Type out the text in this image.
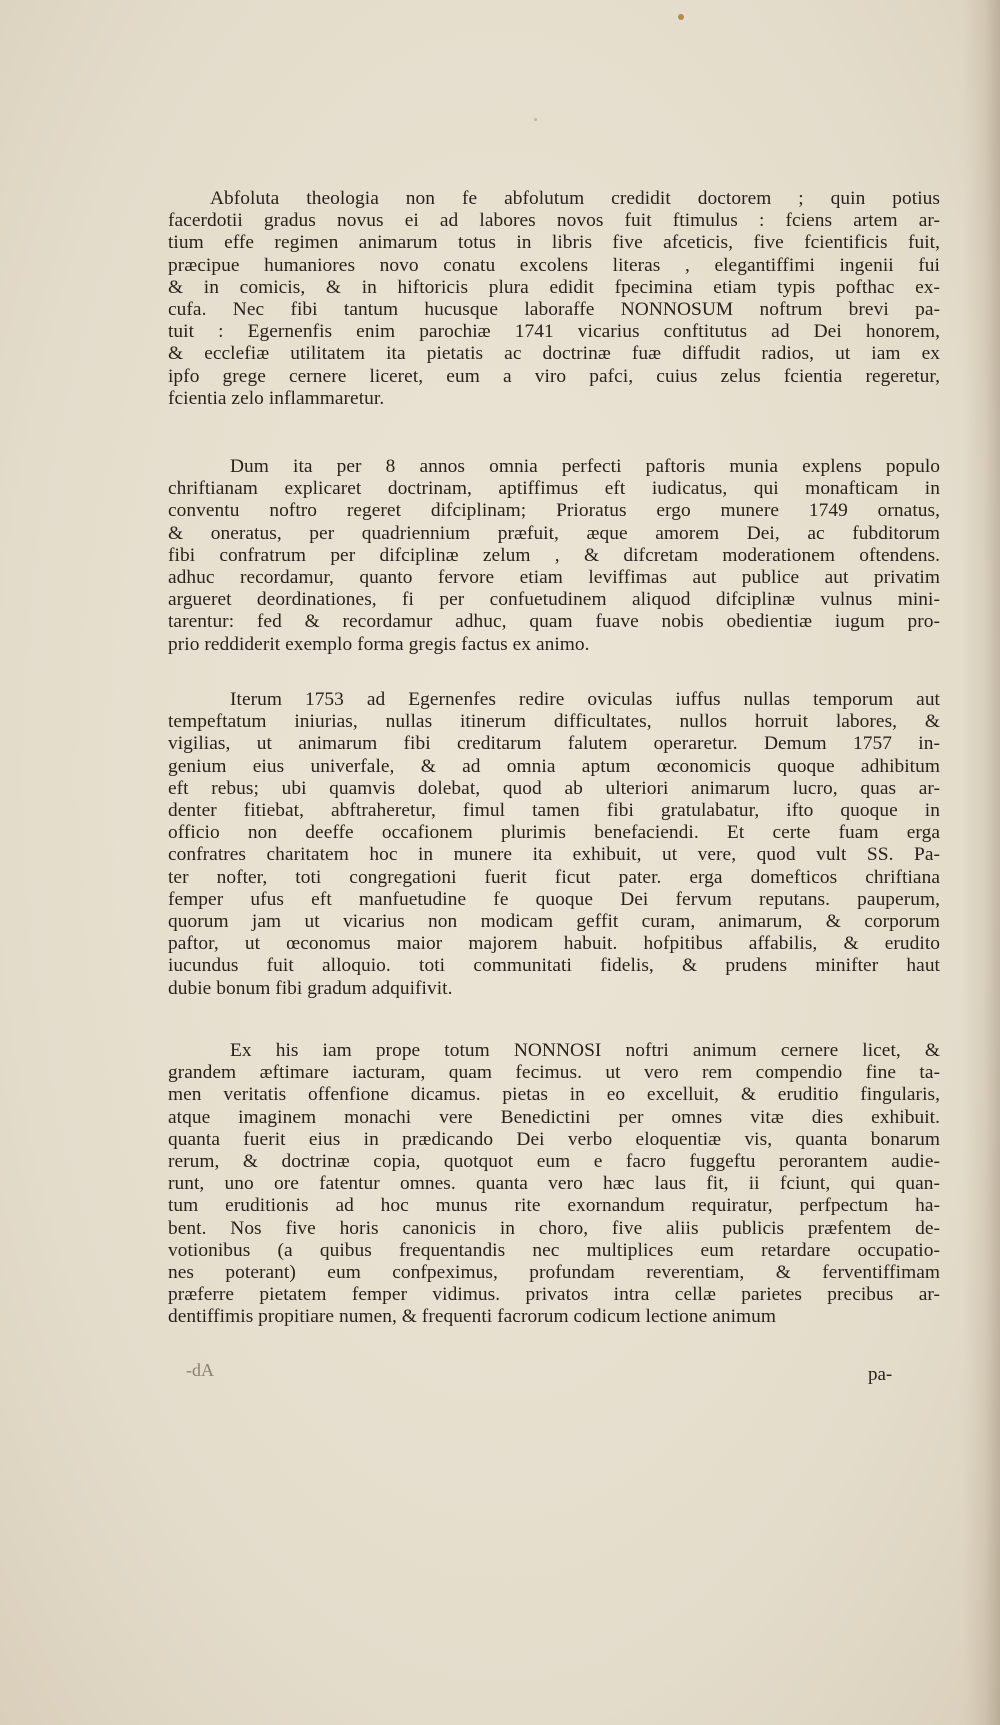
Abfoluta theologia non fe abfolutum credidit doctorem ; quin potius
facerdotii gradus novus ei ad labores novos fuit ftimulus : fciens artem ar-
tium effe regimen animarum totus in libris five afceticis, five fcientificis fuit,
præcipue humaniores novo conatu excolens literas , elegantiffimi ingenii fui
& in comicis, & in hiftoricis plura edidit fpecimina etiam typis pofthac ex-
cufa. Nec fibi tantum hucusque laboraffe NONNOSUM noftrum brevi pa-
tuit : Egernenfis enim parochiæ 1741 vicarius conftitutus ad Dei honorem,
& ecclefiæ utilitatem ita pietatis ac doctrinæ fuæ diffudit radios, ut iam ex
ipfo grege cernere liceret, eum a viro pafci, cuius zelus fcientia regeretur,
fcientia zelo inflammaretur.
Dum ita per 8 annos omnia perfecti paftoris munia explens populo
chriftianam explicaret doctrinam, aptiffimus eft iudicatus, qui monafticam in
conventu noftro regeret difciplinam; Prioratus ergo munere 1749 ornatus,
& oneratus, per quadriennium præfuit, æque amorem Dei, ac fubditorum
fibi confratrum per difciplinæ zelum , & difcretam moderationem oftendens.
adhuc recordamur, quanto fervore etiam leviffimas aut publice aut privatim
argueret deordinationes, fi per confuetudinem aliquod difciplinæ vulnus mini-
tarentur: fed & recordamur adhuc, quam fuave nobis obedientiæ iugum pro-
prio reddiderit exemplo forma gregis factus ex animo.
Iterum 1753 ad Egernenfes redire oviculas iuffus nullas temporum aut
tempeftatum iniurias, nullas itinerum difficultates, nullos horruit labores, &
vigilias, ut animarum fibi creditarum falutem operaretur. Demum 1757 in-
genium eius univerfale, & ad omnia aptum œconomicis quoque adhibitum
eft rebus; ubi quamvis dolebat, quod ab ulteriori animarum lucro, quas ar-
denter fitiebat, abftraheretur, fimul tamen fibi gratulabatur, ifto quoque in
officio non deeffe occafionem plurimis benefaciendi. Et certe fuam erga
confratres charitatem hoc in munere ita exhibuit, ut vere, quod vult SS. Pa-
ter nofter, toti congregationi fuerit ficut pater. erga domefticos chriftiana
femper ufus eft manfuetudine fe quoque Dei fervum reputans. pauperum,
quorum jam ut vicarius non modicam geffit curam, animarum, & corporum
paftor, ut œconomus maior majorem habuit. hofpitibus affabilis, & erudito
iucundus fuit alloquio. toti communitati fidelis, & prudens minifter haut
dubie bonum fibi gradum adquifivit.
Ex his iam prope totum NONNOSI noftri animum cernere licet, &
grandem æftimare iacturam, quam fecimus. ut vero rem compendio fine ta-
men veritatis offenfione dicamus. pietas in eo excelluit, & eruditio fingularis,
atque imaginem monachi vere Benedictini per omnes vitæ dies exhibuit.
quanta fuerit eius in prædicando Dei verbo eloquentiæ vis, quanta bonarum
rerum, & doctrinæ copia, quotquot eum e facro fuggeftu perorantem audie-
runt, uno ore fatentur omnes. quanta vero hæc laus fit, ii fciunt, qui quan-
tum eruditionis ad hoc munus rite exornandum requiratur, perfpectum ha-
bent. Nos five horis canonicis in choro, five aliis publicis præfentem de-
votionibus (a quibus frequentandis nec multiplices eum retardare occupatio-
nes poterant) eum confpeximus, profundam reverentiam, & ferventiffimam
præferre pietatem femper vidimus. privatos intra cellæ parietes precibus ar-
dentiffimis propitiare numen, & frequenti facrorum codicum lectione animum
-dA	pa-
